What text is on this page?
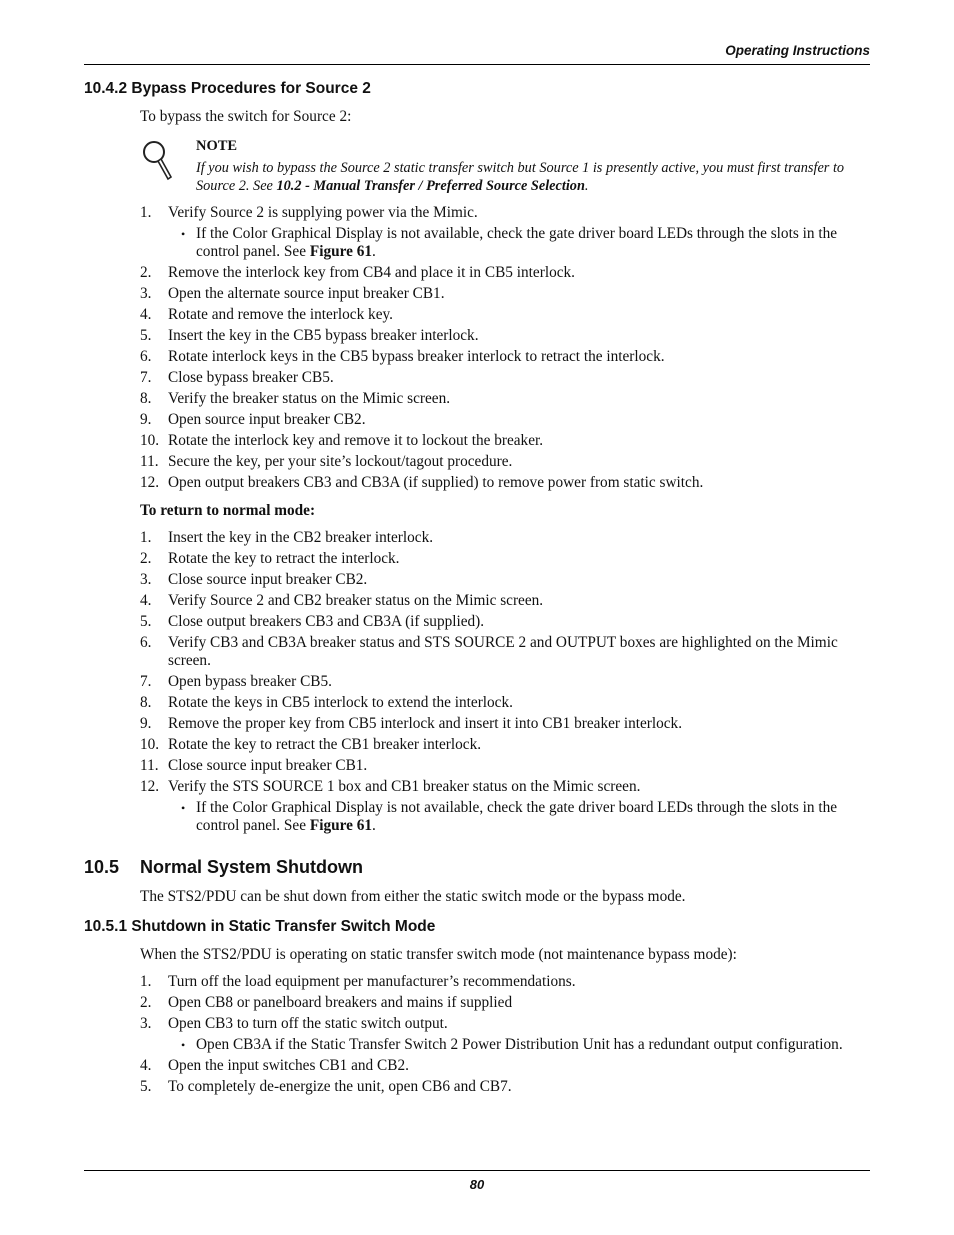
Operating Instructions
10.4.2 Bypass Procedures for Source 2
To bypass the switch for Source 2:
NOTE
If you wish to bypass the Source 2 static transfer switch but Source 1 is presently active, you must first transfer to Source 2. See 10.2 - Manual Transfer / Preferred Source Selection.
1. Verify Source 2 is supplying power via the Mimic.
• If the Color Graphical Display is not available, check the gate driver board LEDs through the slots in the control panel. See Figure 61.
2. Remove the interlock key from CB4 and place it in CB5 interlock.
3. Open the alternate source input breaker CB1.
4. Rotate and remove the interlock key.
5. Insert the key in the CB5 bypass breaker interlock.
6. Rotate interlock keys in the CB5 bypass breaker interlock to retract the interlock.
7. Close bypass breaker CB5.
8. Verify the breaker status on the Mimic screen.
9. Open source input breaker CB2.
10. Rotate the interlock key and remove it to lockout the breaker.
11. Secure the key, per your site’s lockout/tagout procedure.
12. Open output breakers CB3 and CB3A (if supplied) to remove power from static switch.
To return to normal mode:
1. Insert the key in the CB2 breaker interlock.
2. Rotate the key to retract the interlock.
3. Close source input breaker CB2.
4. Verify Source 2 and CB2 breaker status on the Mimic screen.
5. Close output breakers CB3 and CB3A (if supplied).
6. Verify CB3 and CB3A breaker status and STS SOURCE 2 and OUTPUT boxes are highlighted on the Mimic screen.
7. Open bypass breaker CB5.
8. Rotate the keys in CB5 interlock to extend the interlock.
9. Remove the proper key from CB5 interlock and insert it into CB1 breaker interlock.
10. Rotate the key to retract the CB1 breaker interlock.
11. Close source input breaker CB1.
12. Verify the STS SOURCE 1 box and CB1 breaker status on the Mimic screen.
• If the Color Graphical Display is not available, check the gate driver board LEDs through the slots in the control panel. See Figure 61.
10.5 Normal System Shutdown
The STS2/PDU can be shut down from either the static switch mode or the bypass mode.
10.5.1 Shutdown in Static Transfer Switch Mode
When the STS2/PDU is operating on static transfer switch mode (not maintenance bypass mode):
1. Turn off the load equipment per manufacturer’s recommendations.
2. Open CB8 or panelboard breakers and mains if supplied
3. Open CB3 to turn off the static switch output.
• Open CB3A if the Static Transfer Switch 2 Power Distribution Unit has a redundant output configuration.
4. Open the input switches CB1 and CB2.
5. To completely de-energize the unit, open CB6 and CB7.
80
